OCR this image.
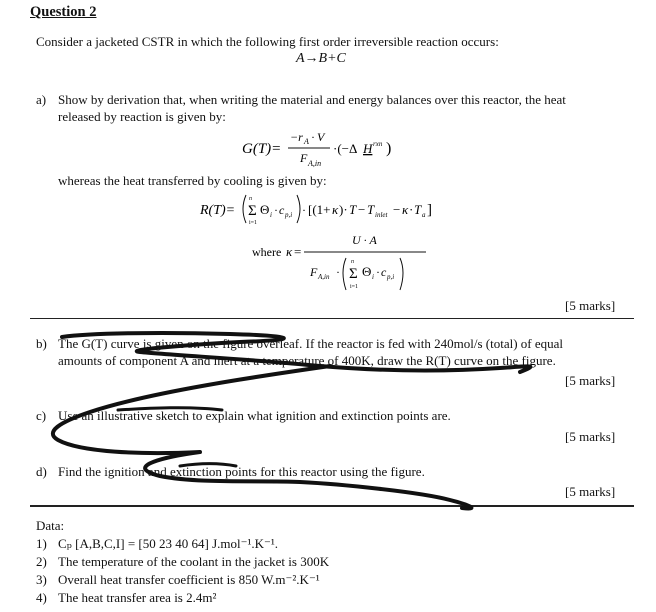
Question 2
Consider a jacketed CSTR in which the following first order irreversible reaction occurs:
A→B+C
a) Show by derivation that, when writing the material and energy balances over this reactor, the heat
released by reaction is given by:
G(T)=
−r A · V
F A,in
·(−Δ H rxn )
whereas the heat transferred by cooling is given by:
R(T)= Σ
n
i=1
Θ i · c p,i · [(1+ κ )· T − T inlet − κ · T a ]
where κ =
U · A
F A,in · Σ
n
i=1
Θ i · c p,i
[5 marks]
b) The G(T) curve is given on the figure overleaf. If the reactor is fed with 240mol/s (total) of equal
amounts of component A and inert at a temperature of 400K, draw the R(T) curve on the figure.
[5 marks]
c) Use an illustrative sketch to explain what ignition and extinction points are.
[5 marks]
d) Find the ignition and extinction points for this reactor using the figure.
[5 marks]
Data:
1) Cₚ [A,B,C,I] = [50 23 40 64] J.mol⁻¹.K⁻¹.
2) The temperature of the coolant in the jacket is 300K
3) Overall heat transfer coefficient is 850 W.m⁻².K⁻¹
4) The heat transfer area is 2.4m²
